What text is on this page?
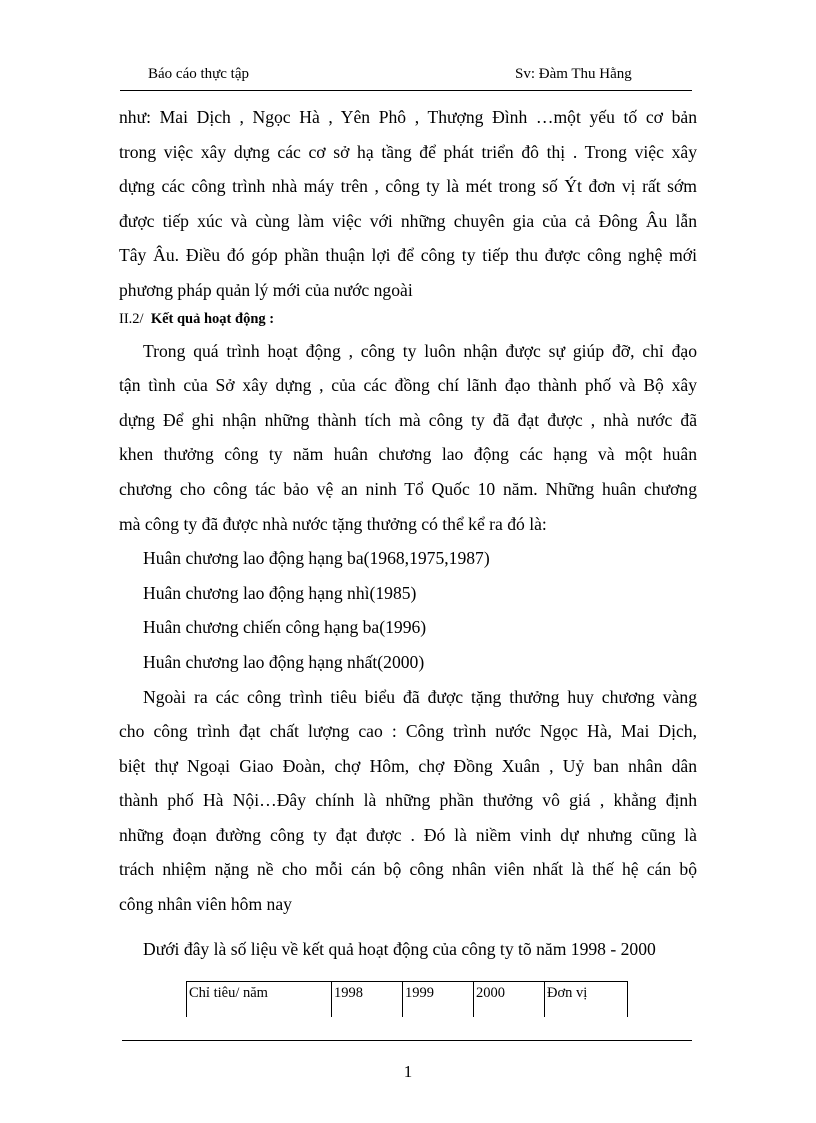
Báo cáo thực tập	Sv: Đàm Thu Hằng
như: Mai Dịch , Ngọc Hà , Yên Phô , Thượng Đình …một yếu tố cơ bản
trong việc xây dựng các cơ sở hạ tầng để phát triển đô thị . Trong việc xây
dựng các công trình nhà máy trên , công ty là mét trong số Ýt đơn vị rất sớm
được tiếp xúc và cùng làm việc với những chuyên gia của cả Đông Âu lẫn
Tây Âu. Điều đó góp phần thuận lợi để công ty tiếp thu được công nghệ mới
phương pháp quản lý mới của nước ngoài
II.2/ Kết quả hoạt động :
Trong quá trình hoạt động , công ty luôn nhận được sự giúp đỡ, chỉ đạo
tận tình của Sở xây dựng , của các đồng chí lãnh đạo thành phố và Bộ xây
dựng Để ghi nhận những thành tích mà công ty đã đạt được , nhà nước đã
khen thưởng công ty năm huân chương lao động các hạng và một huân
chương cho công tác bảo vệ an ninh Tổ Quốc 10 năm. Những huân chương
mà công ty đã được nhà nước tặng thưởng có thể kể ra đó là:
Huân chương lao động hạng ba(1968,1975,1987)
Huân chương lao động hạng nhì(1985)
Huân chương chiến công hạng ba(1996)
Huân chương lao động hạng nhất(2000)
Ngoài ra các công trình tiêu biểu đã được tặng thưởng huy chương vàng
cho công trình đạt chất lượng cao : Công trình nước Ngọc Hà, Mai Dịch,
biệt thự Ngoại Giao Đoàn, chợ Hôm, chợ Đồng Xuân , Uỷ ban nhân dân
thành phố Hà Nội…Đây chính là những phần thưởng vô giá , khẳng định
những đoạn đường công ty đạt được . Đó là niềm vinh dự nhưng cũng là
trách nhiệm nặng nề cho mỗi cán bộ công nhân viên nhất là thế hệ cán bộ
công nhân viên hôm nay
Dưới đây là số liệu về kết quả hoạt động của công ty tõ năm 1998 - 2000
Chỉ tiêu/ năm	1998	1999	2000	Đơn vị
1
